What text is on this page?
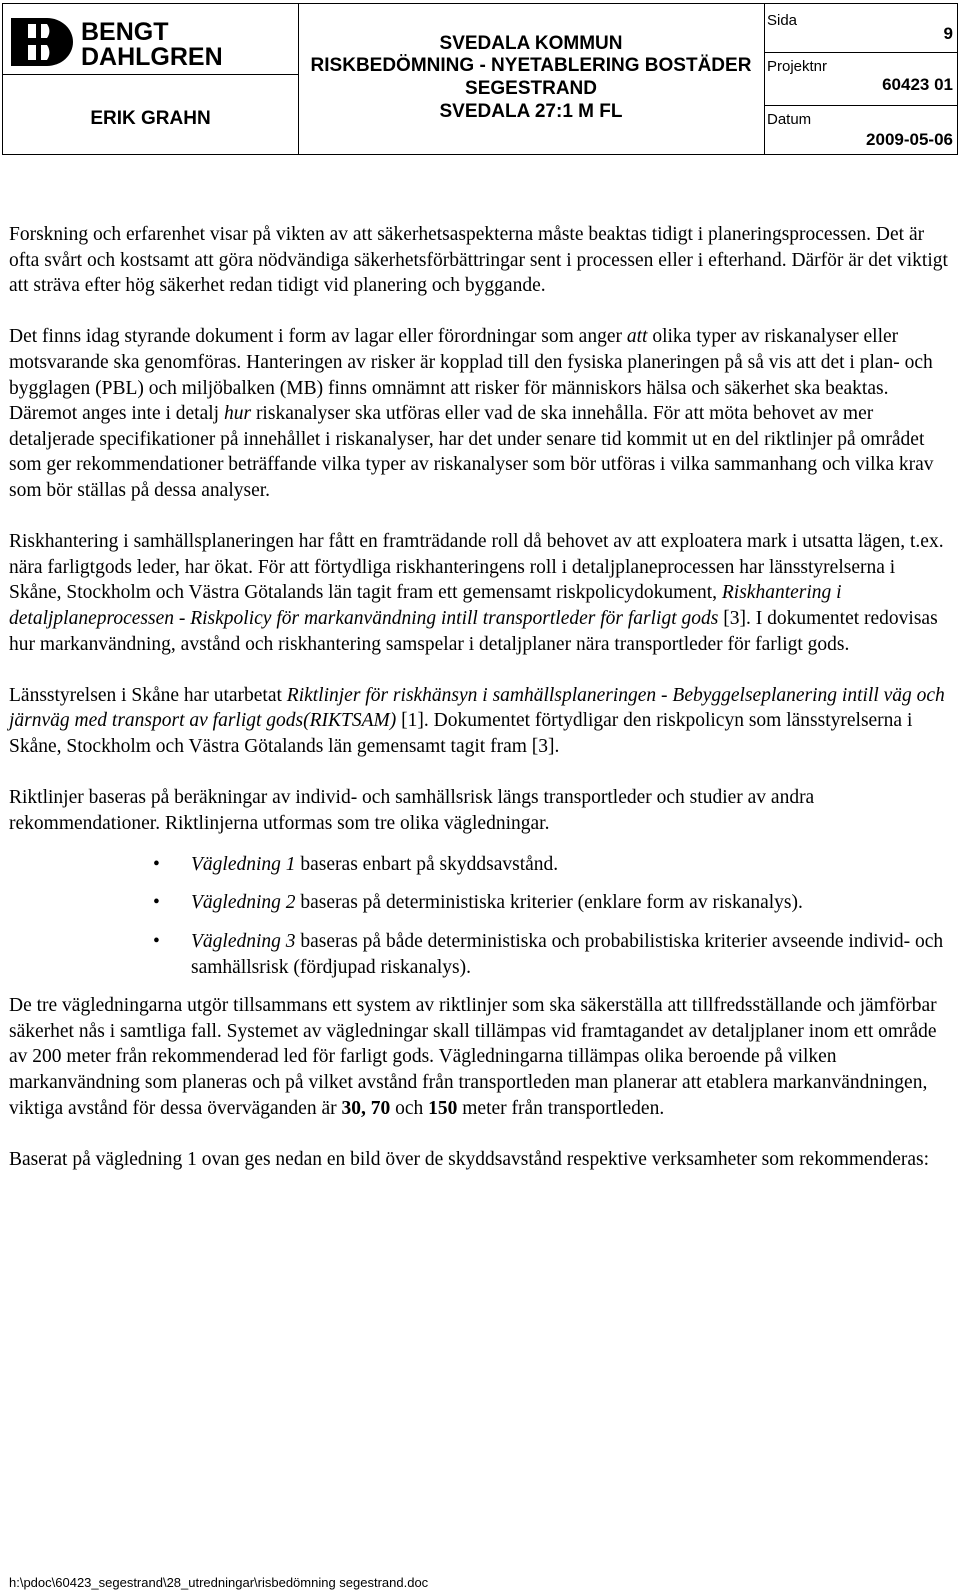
BENGT
DAHLGREN
ERIK GRAHN
SVEDALA KOMMUN
RISKBEDÖMNING - NYETABLERING BOSTÄDER
SEGESTRAND
SVEDALA 27:1 M FL
Sida
9
Projektnr
60423 01
Datum
2009-05-06

Forskning och erfarenhet visar på vikten av att säkerhetsaspekterna måste beaktas tidigt i planeringsprocessen. Det är ofta svårt och kostsamt att göra nödvändiga säkerhetsförbättringar sent i processen eller i efterhand. Därför är det viktigt att sträva efter hög säkerhet redan tidigt vid planering och byggande.

Det finns idag styrande dokument i form av lagar eller förordningar som anger att olika typer av riskanalyser eller motsvarande ska genomföras. Hanteringen av risker är kopplad till den fysiska planeringen på så vis att det i plan- och bygglagen (PBL) och miljöbalken (MB) finns omnämnt att risker för människors hälsa och säkerhet ska beaktas. Däremot anges inte i detalj hur riskanalyser ska utföras eller vad de ska innehålla. För att möta behovet av mer detaljerade specifikationer på innehållet i riskanalyser, har det under senare tid kommit ut en del riktlinjer på området som ger rekommendationer beträffande vilka typer av riskanalyser som bör utföras i vilka sammanhang och vilka krav som bör ställas på dessa analyser.

Riskhantering i samhällsplaneringen har fått en framträdande roll då behovet av att exploatera mark i utsatta lägen, t.ex. nära farligtgods leder, har ökat. För att förtydliga riskhanteringens roll i detaljplaneprocessen har länsstyrelserna i Skåne, Stockholm och Västra Götalands län tagit fram ett gemensamt riskpolicydokument, Riskhantering i detaljplaneprocessen - Riskpolicy för markanvändning intill transportleder för farligt gods [3]. I dokumentet redovisas hur markanvändning, avstånd och riskhantering samspelar i detaljplaner nära transportleder för farligt gods.

Länsstyrelsen i Skåne har utarbetat Riktlinjer för riskhänsyn i samhällsplaneringen - Bebyggelseplanering intill väg och järnväg med transport av farligt gods(RIKTSAM) [1]. Dokumentet förtydligar den riskpolicyn som länsstyrelserna i Skåne, Stockholm och Västra Götalands län gemensamt tagit fram [3].

Riktlinjer baseras på beräkningar av individ- och samhällsrisk längs transportleder och studier av andra rekommendationer. Riktlinjerna utformas som tre olika vägledningar.

• Vägledning 1 baseras enbart på skyddsavstånd.
• Vägledning 2 baseras på deterministiska kriterier (enklare form av riskanalys).
• Vägledning 3 baseras på både deterministiska och probabilistiska kriterier avseende individ- och samhällsrisk (fördjupad riskanalys).

De tre vägledningarna utgör tillsammans ett system av riktlinjer som ska säkerställa att tillfredsställande och jämförbar säkerhet nås i samtliga fall. Systemet av vägledningar skall tillämpas vid framtagandet av detaljplaner inom ett område av 200 meter från rekommenderad led för farligt gods. Vägledningarna tillämpas olika beroende på vilken markanvändning som planeras och på vilket avstånd från transportleden man planerar att etablera markanvändningen, viktiga avstånd för dessa överväganden är 30, 70 och 150 meter från transportleden.

Baserat på vägledning 1 ovan ges nedan en bild över de skyddsavstånd respektive verksamheter som rekommenderas:

h:\pdoc\60423_segestrand\28_utredningar\risbedömning segestrand.doc
